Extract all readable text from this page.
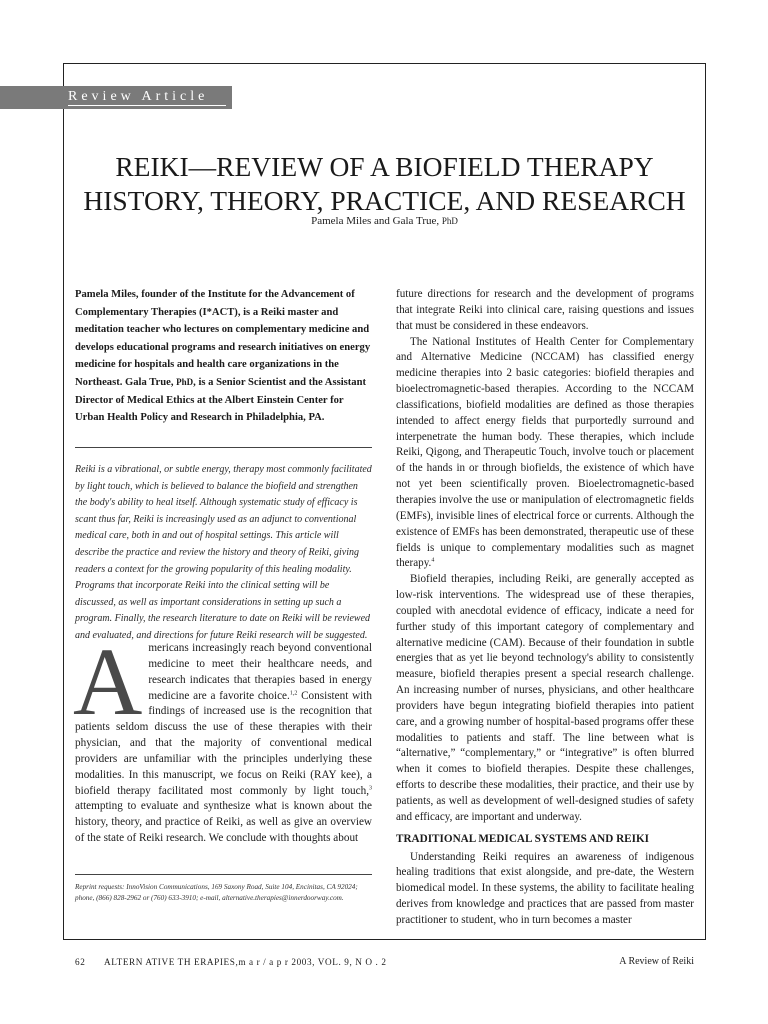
Review Article
REIKI—REVIEW OF A BIOFIELD THERAPY
HISTORY, THEORY, PRACTICE, AND RESEARCH
Pamela Miles and Gala True, PhD
Pamela Miles, founder of the Institute for the Advancement of Complementary Therapies (I*ACT), is a Reiki master and meditation teacher who lectures on complementary medicine and develops educational programs and research initiatives on energy medicine for hospitals and health care organizations in the Northeast. Gala True, PhD, is a Senior Scientist and the Assistant Director of Medical Ethics at the Albert Einstein Center for Urban Health Policy and Research in Philadelphia, PA.
Reiki is a vibrational, or subtle energy, therapy most commonly facilitated by light touch, which is believed to balance the biofield and strengthen the body's ability to heal itself. Although systematic study of efficacy is scant thus far, Reiki is increasingly used as an adjunct to conventional medical care, both in and out of hospital settings. This article will describe the practice and review the history and theory of Reiki, giving readers a context for the growing popularity of this healing modality. Programs that incorporate Reiki into the clinical setting will be discussed, as well as important considerations in setting up such a program. Finally, the research literature to date on Reiki will be reviewed and evaluated, and directions for future Reiki research will be suggested.
Americans increasingly reach beyond conventional medicine to meet their healthcare needs, and research indicates that therapies based in energy medicine are a favorite choice.$^{1,2}$ Consistent with findings of increased use is the recognition that patients seldom discuss the use of these therapies with their physician, and that the majority of conventional medical providers are unfamiliar with the principles underlying these modalities. In this manuscript, we focus on Reiki (RAY kee), a biofield therapy facilitated most commonly by light touch,$^3$ attempting to evaluate and synthesize what is known about the history, theory, and practice of Reiki, as well as give an overview of the state of Reiki research. We conclude with thoughts about
Reprint requests: InnoVision Communications, 169 Saxony Road, Suite 104, Encinitas, CA 92024; phone, (866) 828-2962 or (760) 633-3910; e-mail, alternative.therapies@innerdoorway.com.

future directions for research and the development of programs that integrate Reiki into clinical care, raising questions and issues that must be considered in these endeavors.

The National Institutes of Health Center for Complementary and Alternative Medicine (NCCAM) has classified energy medicine therapies into 2 basic categories: biofield therapies and bioelectromagnetic-based therapies. According to the NCCAM classifications, biofield modalities are defined as those therapies intended to affect energy fields that purportedly surround and interpenetrate the human body. These therapies, which include Reiki, Qigong, and Therapeutic Touch, involve touch or placement of the hands in or through biofields, the existence of which have not yet been scientifically proven. Bioelectromagnetic-based therapies involve the use or manipulation of electromagnetic fields (EMFs), invisible lines of electrical force or currents. Although the existence of EMFs has been demonstrated, therapeutic use of these fields is unique to complementary modalities such as magnet therapy.$^4$

Biofield therapies, including Reiki, are generally accepted as low-risk interventions. The widespread use of these therapies, coupled with anecdotal evidence of efficacy, indicate a need for further study of this important category of complementary and alternative medicine (CAM). Because of their foundation in subtle energies that as yet lie beyond technology's ability to consistently measure, biofield therapies present a special research challenge. An increasing number of nurses, physicians, and other healthcare providers have begun integrating biofield therapies into patient care, and a growing number of hospital-based programs offer these modalities to patients and staff. The line between what is “alternative,” “complementary,” or “integrative” is often blurred when it comes to biofield therapies. Despite these challenges, efforts to describe these modalities, their practice, and their use by patients, as well as development of well-designed studies of safety and efficacy, are important and underway.

TRADITIONAL MEDICAL SYSTEMS AND REIKI

Understanding Reiki requires an awareness of indigenous healing traditions that exist alongside, and pre-date, the Western biomedical model. In these systems, the ability to facilitate healing derives from knowledge and practices that are passed from master practitioner to student, who in turn becomes a master

62 ALTERN ATIVE TH ERAPIES,m a r / a p r 2003, VOL. 9, N O . 2	A Review of Reiki
